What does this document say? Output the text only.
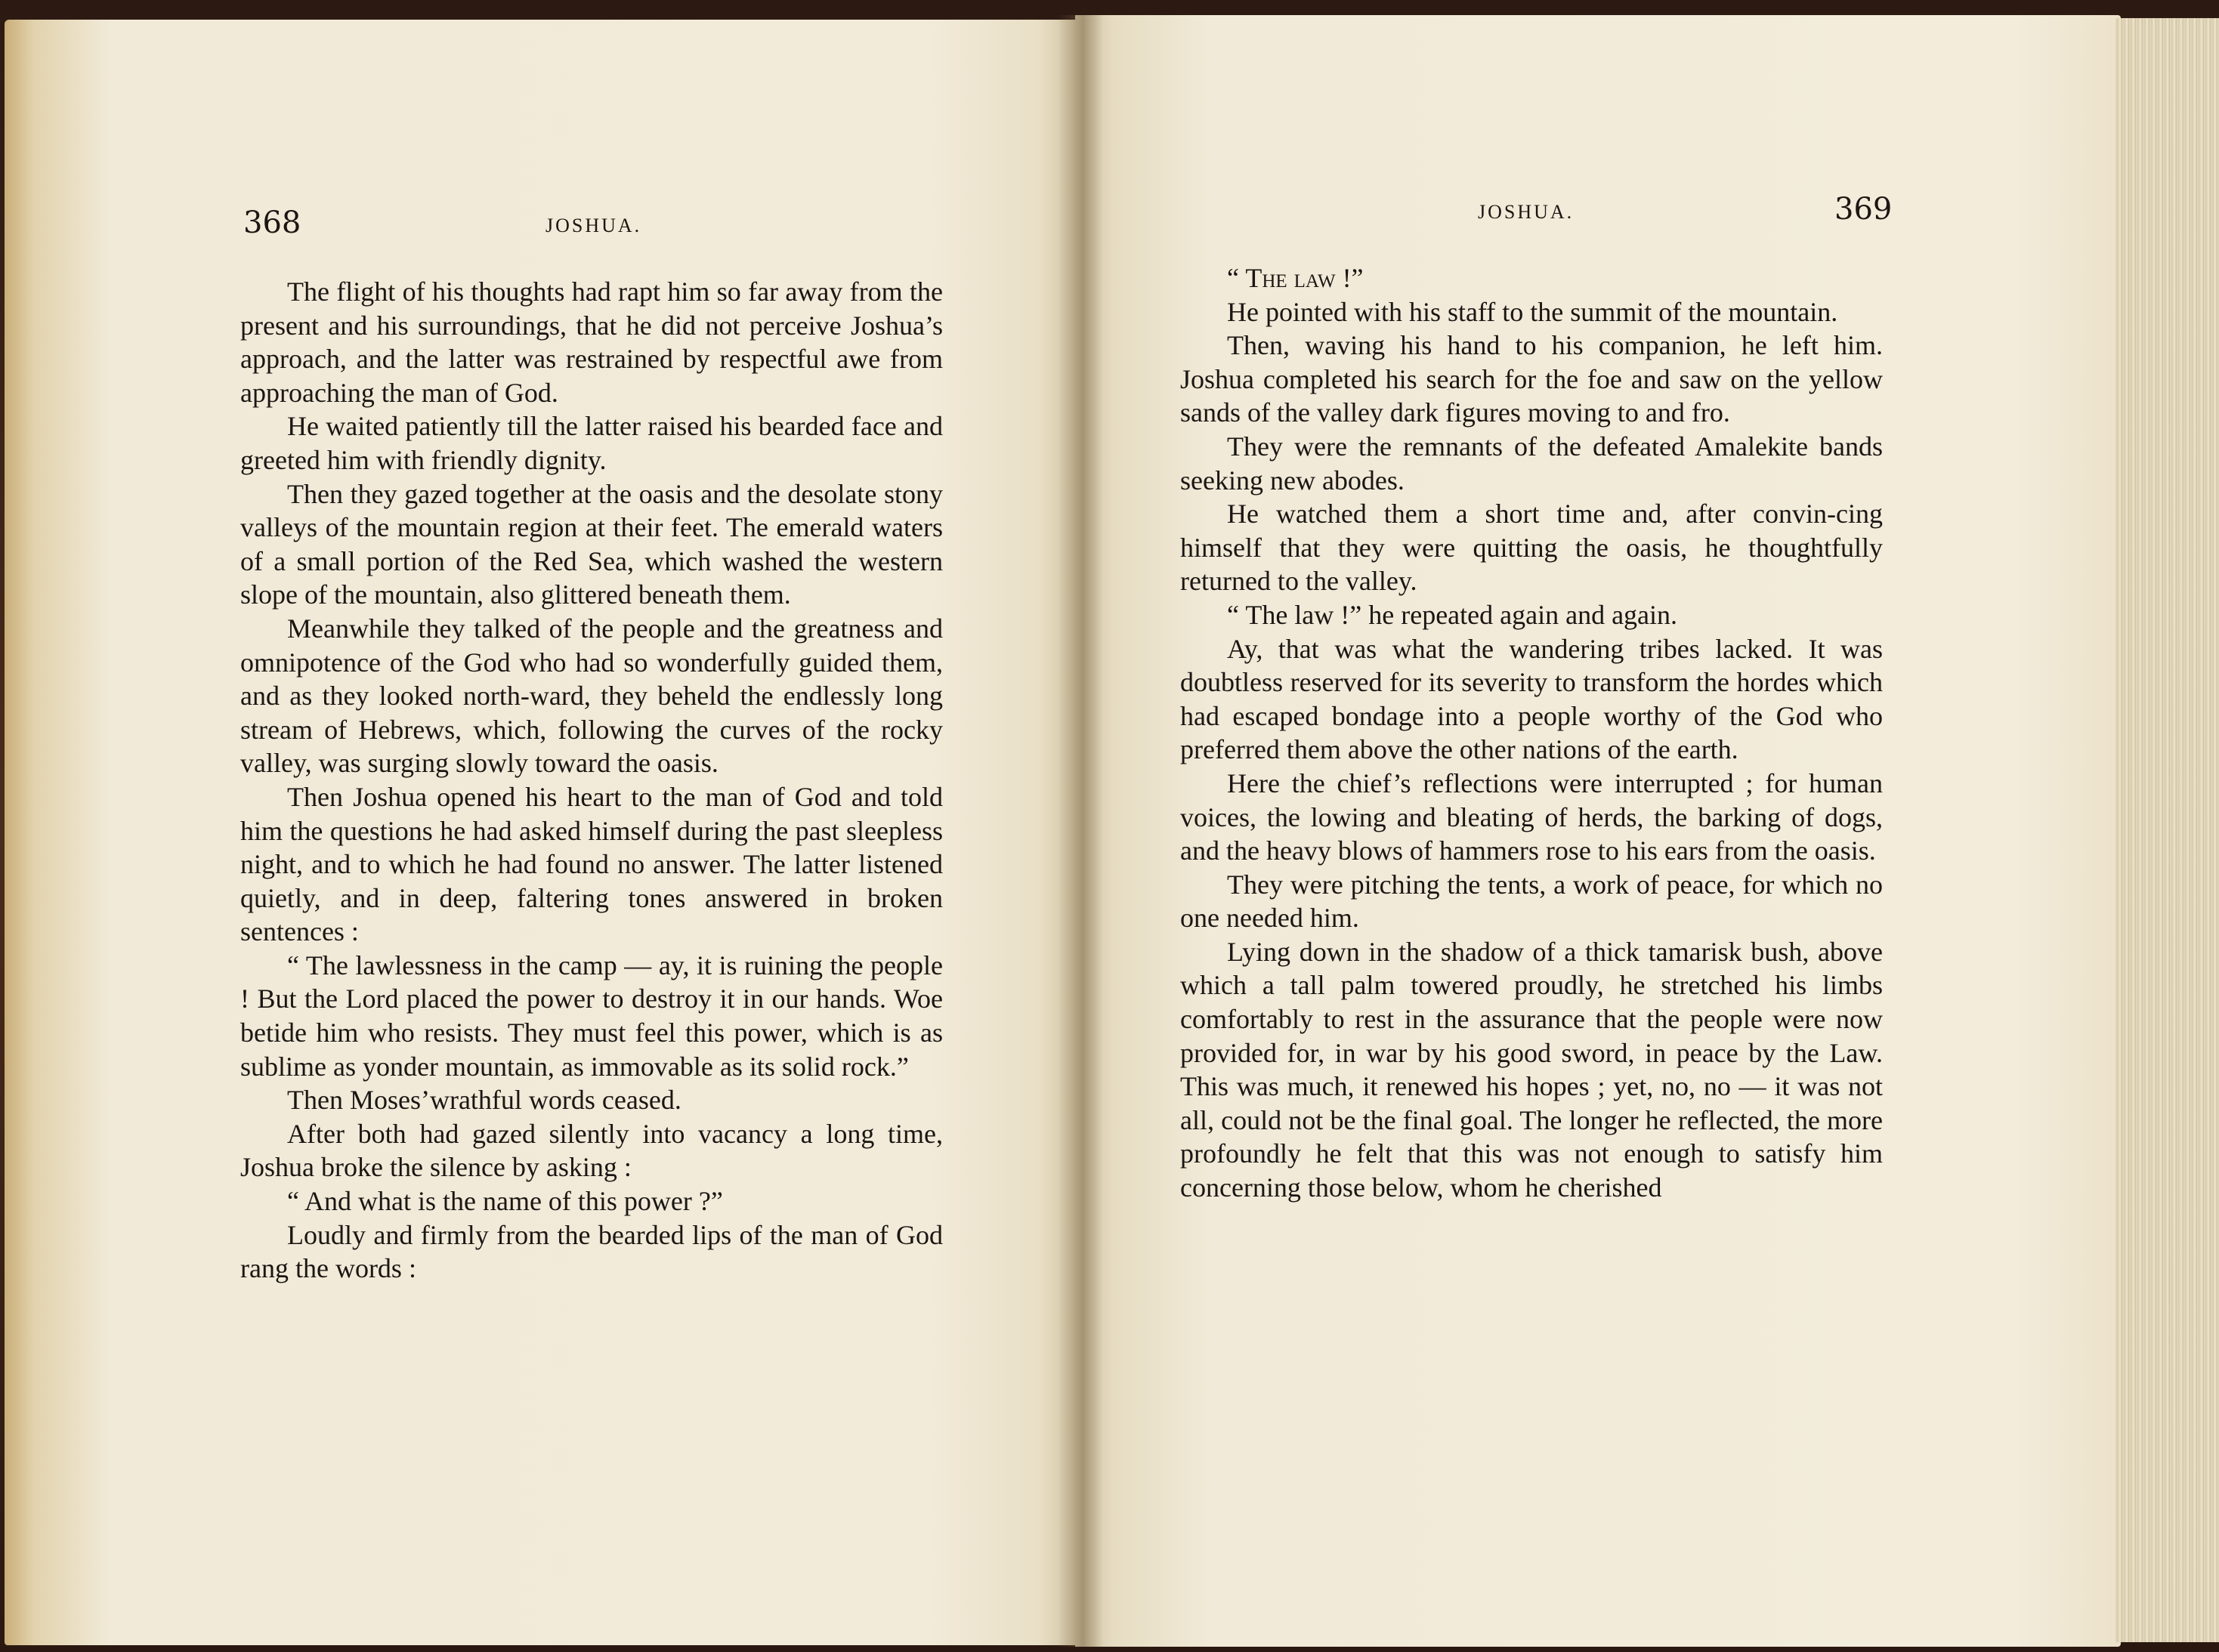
368	JOSHUA.
JOSHUA.	369

The flight of his thoughts had rapt him so far away from the present and his surroundings, that he did not perceive Joshua’s approach, and the latter was restrained by respectful awe from approaching the man of God.

He waited patiently till the latter raised his bearded face and greeted him with friendly dignity.

Then they gazed together at the oasis and the desolate stony valleys of the mountain region at their feet. The emerald waters of a small portion of the Red Sea, which washed the western slope of the mountain, also glittered beneath them.

Meanwhile they talked of the people and the greatness and omnipotence of the God who had so wonderfully guided them, and as they looked north-ward, they beheld the endlessly long stream of Hebrews, which, following the curves of the rocky valley, was surging slowly toward the oasis.

Then Joshua opened his heart to the man of God and told him the questions he had asked himself during the past sleepless night, and to which he had found no answer. The latter listened quietly, and in deep, faltering tones answered in broken sentences :

“ The lawlessness in the camp — ay, it is ruining the people ! But the Lord placed the power to destroy it in our hands. Woe betide him who resists. They must feel this power, which is as sublime as yonder mountain, as immovable as its solid rock.”

Then Moses’wrathful words ceased.

After both had gazed silently into vacancy a long time, Joshua broke the silence by asking :

“ And what is the name of this power ?”

Loudly and firmly from the bearded lips of the man of God rang the words :

“ The law !”

He pointed with his staff to the summit of the mountain.

Then, waving his hand to his companion, he left him. Joshua completed his search for the foe and saw on the yellow sands of the valley dark figures moving to and fro.

They were the remnants of the defeated Amalekite bands seeking new abodes.

He watched them a short time and, after convin-cing himself that they were quitting the oasis, he thoughtfully returned to the valley.

“ The law !” he repeated again and again.

Ay, that was what the wandering tribes lacked. It was doubtless reserved for its severity to transform the hordes which had escaped bondage into a people worthy of the God who preferred them above the other nations of the earth.

Here the chief’s reflections were interrupted ; for human voices, the lowing and bleating of herds, the barking of dogs, and the heavy blows of hammers rose to his ears from the oasis.

They were pitching the tents, a work of peace, for which no one needed him.

Lying down in the shadow of a thick tamarisk bush, above which a tall palm towered proudly, he stretched his limbs comfortably to rest in the assurance that the people were now provided for, in war by his good sword, in peace by the Law. This was much, it renewed his hopes ; yet, no, no — it was not all, could not be the final goal. The longer he reflected, the more profoundly he felt that this was not enough to satisfy him concerning those below, whom he cherished
